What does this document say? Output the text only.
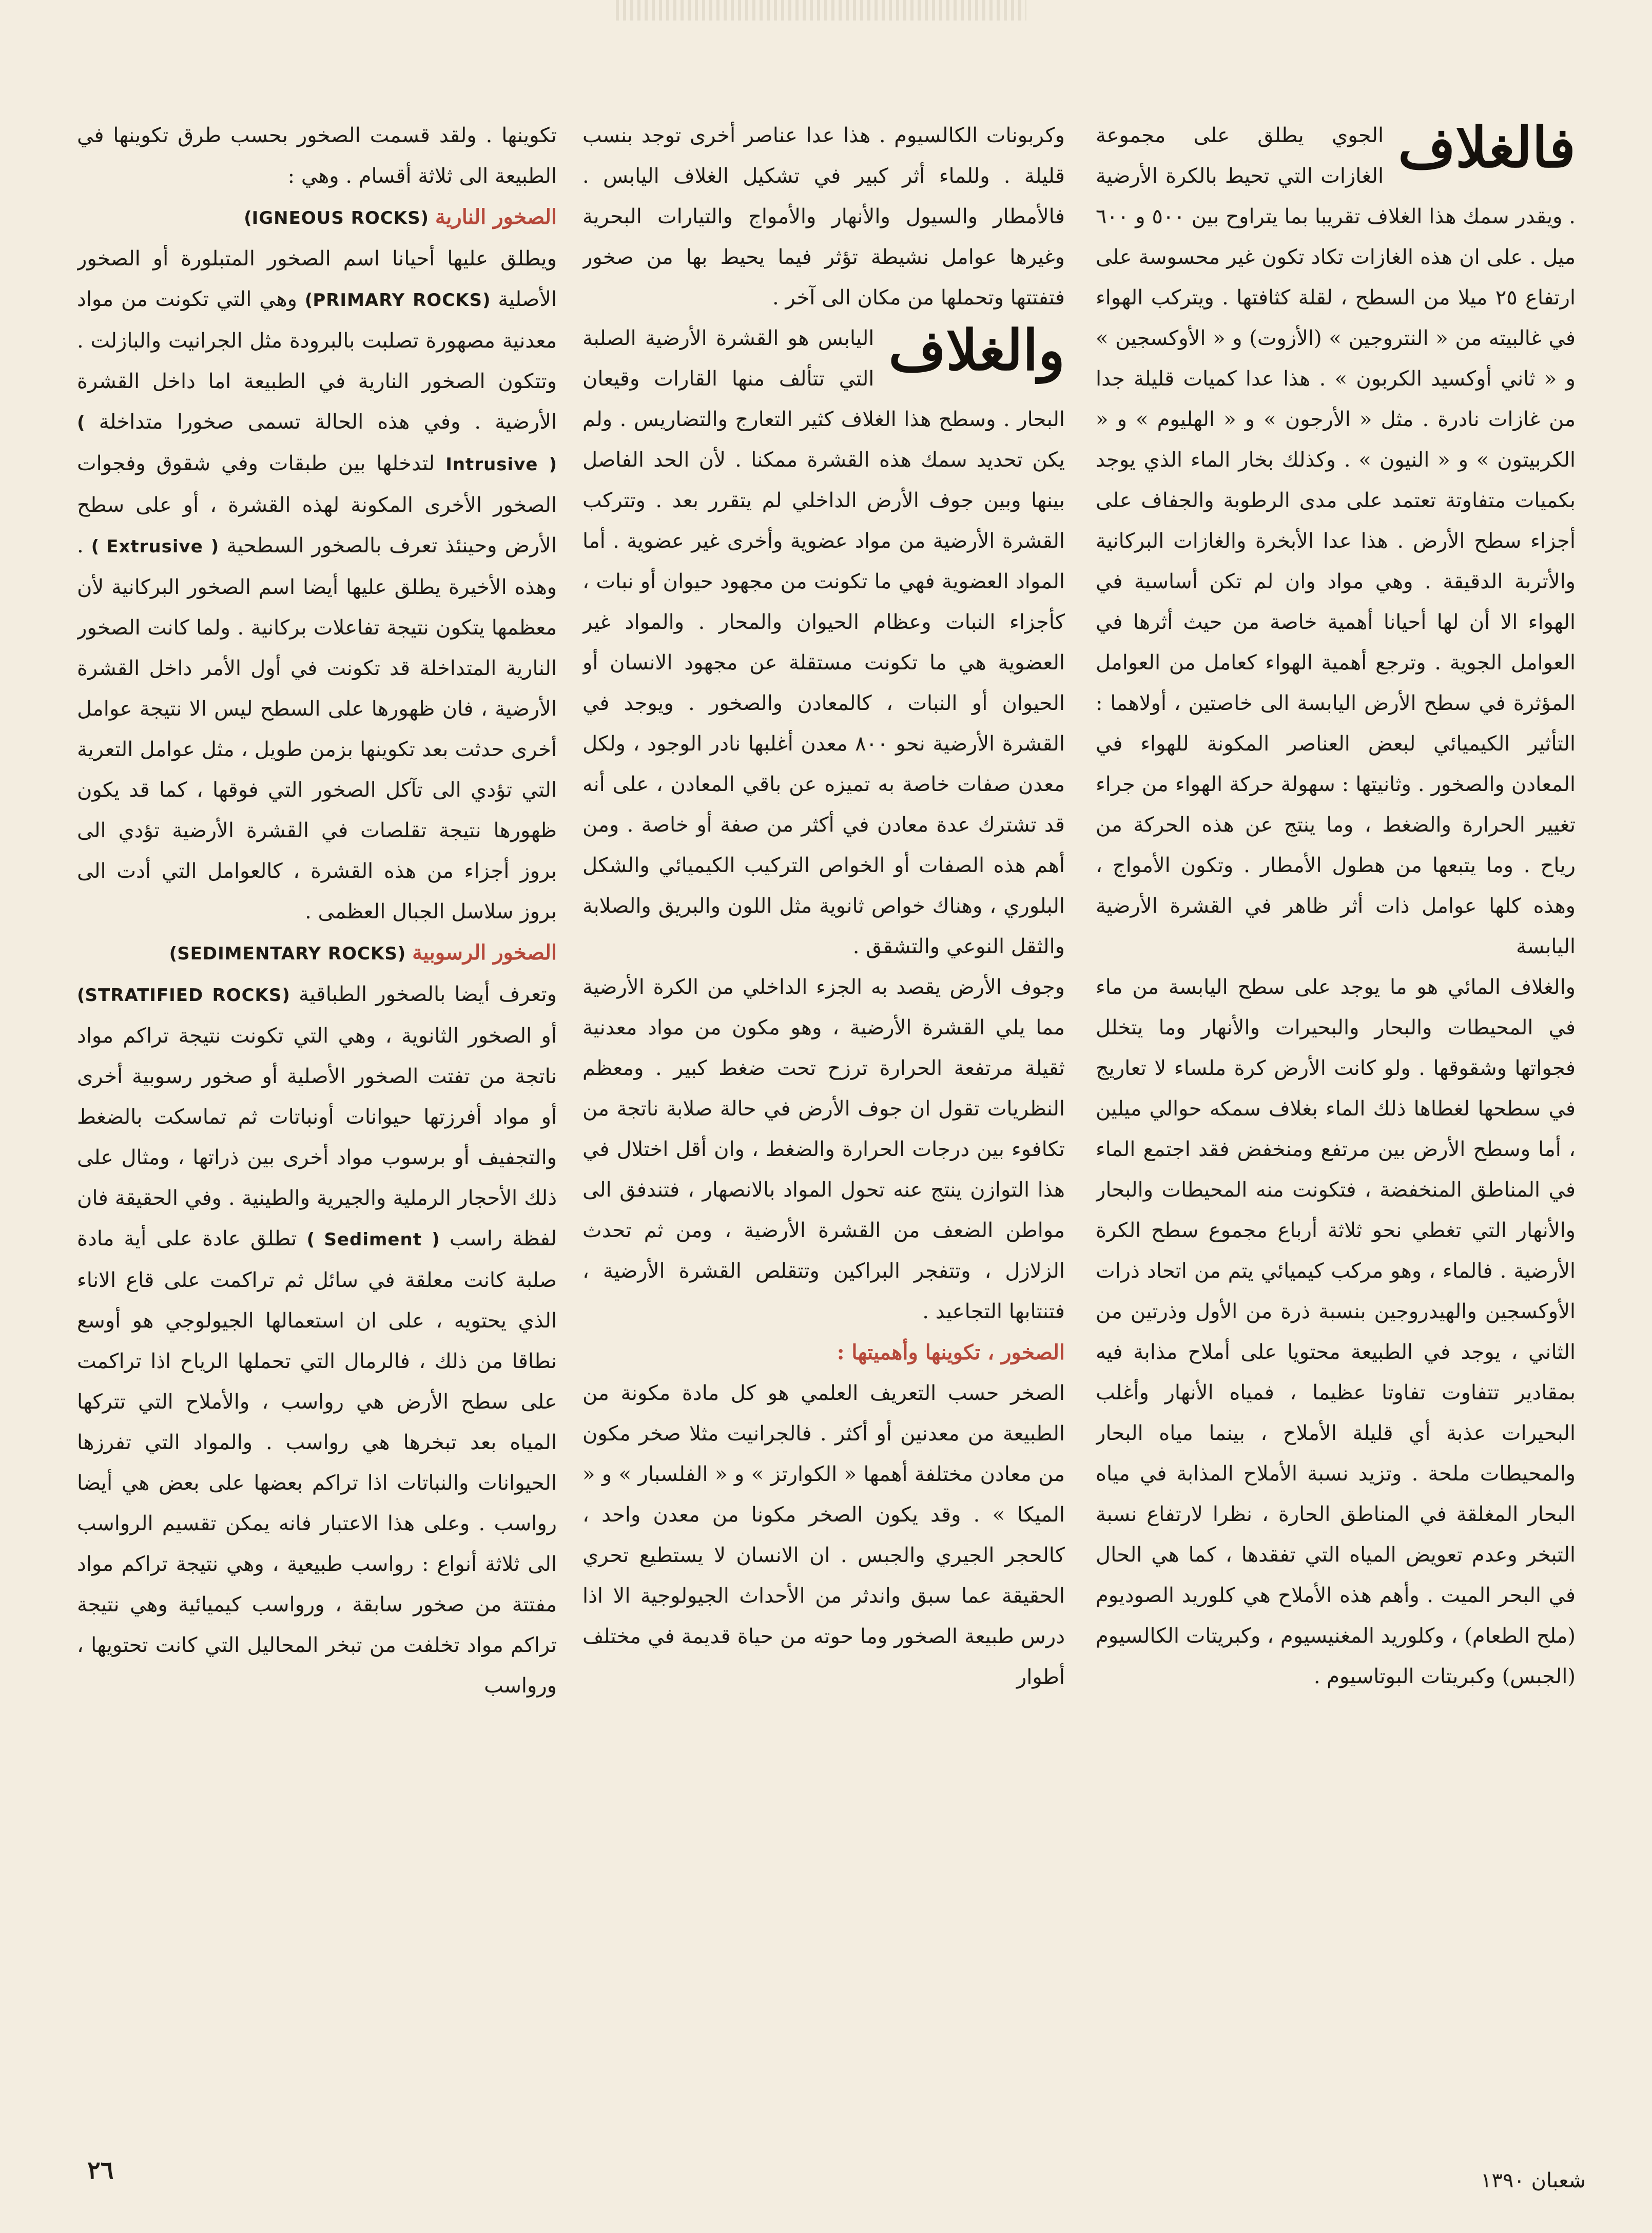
فالغلاف
الجوي يطلق على مجموعة الغازات التي تحيط بالكرة الأرضية . ويقدر سمك هذا الغلاف تقريبا بما يتراوح بين ٥٠٠ و ٦٠٠ ميل . على ان هذه الغازات تكاد تكون غير محسوسة على ارتفاع ٢٥ ميلا من السطح ، لقلة كثافتها . ويتركب الهواء في غالبيته من « النتروجين » (الأزوت) و « الأوكسجين » و « ثاني أوكسيد الكربون » . هذا عدا كميات قليلة جدا من غازات نادرة . مثل « الأرجون » و « الهليوم » و « الكربيتون » و « النيون » . وكذلك بخار الماء الذي يوجد بكميات متفاوتة تعتمد على مدى الرطوبة والجفاف على أجزاء سطح الأرض . هذا عدا الأبخرة والغازات البركانية والأتربة الدقيقة . وهي مواد وان لم تكن أساسية في الهواء الا أن لها أحيانا أهمية خاصة من حيث أثرها في العوامل الجوية . وترجع أهمية الهواء كعامل من العوامل المؤثرة في سطح الأرض اليابسة الى خاصتين ، أولاهما : التأثير الكيميائي لبعض العناصر المكونة للهواء في المعادن والصخور . وثانيتها : سهولة حركة الهواء من جراء تغيير الحرارة والضغط ، وما ينتج عن هذه الحركة من رياح . وما يتبعها من هطول الأمطار . وتكون الأمواج ، وهذه كلها عوامل ذات أثر ظاهر في القشرة الأرضية اليابسة

والغلاف المائي هو ما يوجد على سطح اليابسة من ماء في المحيطات والبحار والبحيرات والأنهار وما يتخلل فجواتها وشقوقها . ولو كانت الأرض كرة ملساء لا تعاريج في سطحها لغطاها ذلك الماء بغلاف سمكه حوالي ميلين ، أما وسطح الأرض بين مرتفع ومنخفض فقد اجتمع الماء في المناطق المنخفضة ، فتكونت منه المحيطات والبحار والأنهار التي تغطي نحو ثلاثة أرباع مجموع سطح الكرة الأرضية . فالماء ، وهو مركب كيميائي يتم من اتحاد ذرات الأوكسجين والهيدروجين بنسبة ذرة من الأول وذرتين من الثاني ، يوجد في الطبيعة محتويا على أملاح مذابة فيه بمقادير تتفاوت تفاوتا عظيما ، فمياه الأنهار وأغلب البحيرات عذبة أي قليلة الأملاح ، بينما مياه البحار والمحيطات ملحة . وتزيد نسبة الأملاح المذابة في مياه البحار المغلقة في المناطق الحارة ، نظرا لارتفاع نسبة التبخر وعدم تعويض المياه التي تفقدها ، كما هي الحال في البحر الميت . وأهم هذه الأملاح هي كلوريد الصوديوم (ملح الطعام) ، وكلوريد المغنيسيوم ، وكبريتات الكالسيوم (الجبس) وكبريتات البوتاسيوم .

وكربونات الكالسيوم . هذا عدا عناصر أخرى توجد بنسب قليلة . وللماء أثر كبير في تشكيل الغلاف اليابس . فالأمطار والسيول والأنهار والأمواج والتيارات البحرية وغيرها عوامل نشيطة تؤثر فيما يحيط بها من صخور فتفتتها وتحملها من مكان الى آخر .

والغلاف
اليابس هو القشرة الأرضية الصلبة التي تتألف منها القارات وقيعان البحار . وسطح هذا الغلاف كثير التعارج والتضاريس . ولم يكن تحديد سمك هذه القشرة ممكنا . لأن الحد الفاصل بينها وبين جوف الأرض الداخلي لم يتقرر بعد . وتتركب القشرة الأرضية من مواد عضوية وأخرى غير عضوية . أما المواد العضوية فهي ما تكونت من مجهود حيوان أو نبات ، كأجزاء النبات وعظام الحيوان والمحار . والمواد غير العضوية هي ما تكونت مستقلة عن مجهود الانسان أو الحيوان أو النبات ، كالمعادن والصخور . ويوجد في القشرة الأرضية نحو ٨٠٠ معدن أغلبها نادر الوجود ، ولكل معدن صفات خاصة به تميزه عن باقي المعادن ، على أنه قد تشترك عدة معادن في أكثر من صفة أو خاصة . ومن أهم هذه الصفات أو الخواص التركيب الكيميائي والشكل البلوري ، وهناك خواص ثانوية مثل اللون والبريق والصلابة والثقل النوعي والتشقق .

وجوف الأرض يقصد به الجزء الداخلي من الكرة الأرضية مما يلي القشرة الأرضية ، وهو مكون من مواد معدنية ثقيلة مرتفعة الحرارة ترزح تحت ضغط كبير . ومعظم النظريات تقول ان جوف الأرض في حالة صلابة ناتجة من تكافوء بين درجات الحرارة والضغط ، وان أقل اختلال في هذا التوازن ينتج عنه تحول المواد بالانصهار ، فتندفق الى مواطن الضعف من القشرة الأرضية ، ومن ثم تحدث الزلازل ، وتتفجر البراكين وتتقلص القشرة الأرضية ، فتنتابها التجاعيد .

الصخور ، تكوينها وأهميتها :

الصخر حسب التعريف العلمي هو كل مادة مكونة من الطبيعة من معدنين أو أكثر . فالجرانيت مثلا صخر مكون من معادن مختلفة أهمها « الكوارتز » و « الفلسبار » و « الميكا » . وقد يكون الصخر مكونا من معدن واحد ، كالحجر الجيري والجبس . ان الانسان لا يستطيع تحري الحقيقة عما سبق واندثر من الأحداث الجيولوجية الا اذا درس طبيعة الصخور وما حوته من حياة قديمة في مختلف أطوار

تكوينها . ولقد قسمت الصخور بحسب طرق تكوينها في الطبيعة الى ثلاثة أقسام . وهي :

الصخور النارية (IGNEOUS ROCKS)

ويطلق عليها أحيانا اسم الصخور المتبلورة أو الصخور الأصلية (PRIMARY ROCKS) وهي التي تكونت من مواد معدنية مصهورة تصلبت بالبرودة مثل الجرانيت والبازلت . وتتكون الصخور النارية في الطبيعة اما داخل القشرة الأرضية . وفي هذه الحالة تسمى صخورا متداخلة ( Intrusive ) لتدخلها بين طبقات وفي شقوق وفجوات الصخور الأخرى المكونة لهذه القشرة ، أو على سطح الأرض وحينئذ تعرف بالصخور السطحية ( Extrusive ) . وهذه الأخيرة يطلق عليها أيضا اسم الصخور البركانية لأن معظمها يتكون نتيجة تفاعلات بركانية . ولما كانت الصخور النارية المتداخلة قد تكونت في أول الأمر داخل القشرة الأرضية ، فان ظهورها على السطح ليس الا نتيجة عوامل أخرى حدثت بعد تكوينها بزمن طويل ، مثل عوامل التعرية التي تؤدي الى تآكل الصخور التي فوقها ، كما قد يكون ظهورها نتيجة تقلصات في القشرة الأرضية تؤدي الى بروز أجزاء من هذه القشرة ، كالعوامل التي أدت الى بروز سلاسل الجبال العظمى .

الصخور الرسوبية (SEDIMENTARY ROCKS)

وتعرف أيضا بالصخور الطباقية (STRATIFIED ROCKS) أو الصخور الثانوية ، وهي التي تكونت نتيجة تراكم مواد ناتجة من تفتت الصخور الأصلية أو صخور رسوبية أخرى أو مواد أفرزتها حيوانات أونباتات ثم تماسكت بالضغط والتجفيف أو برسوب مواد أخرى بين ذراتها ، ومثال على ذلك الأحجار الرملية والجيرية والطينية . وفي الحقيقة فان لفظة راسب ( Sediment ) تطلق عادة على أية مادة صلبة كانت معلقة في سائل ثم تراكمت على قاع الاناء الذي يحتويه ، على ان استعمالها الجيولوجي هو أوسع نطاقا من ذلك ، فالرمال التي تحملها الرياح اذا تراكمت على سطح الأرض هي رواسب ، والأملاح التي تتركها المياه بعد تبخرها هي رواسب . والمواد التي تفرزها الحيوانات والنباتات اذا تراكم بعضها على بعض هي أيضا رواسب . وعلى هذا الاعتبار فانه يمكن تقسيم الرواسب الى ثلاثة أنواع : رواسب طبيعية ، وهي نتيجة تراكم مواد مفتتة من صخور سابقة ، ورواسب كيميائية وهي نتيجة تراكم مواد تخلفت من تبخر المحاليل التي كانت تحتويها ، ورواسب

٢٦	شعبان ١٣٩٠
